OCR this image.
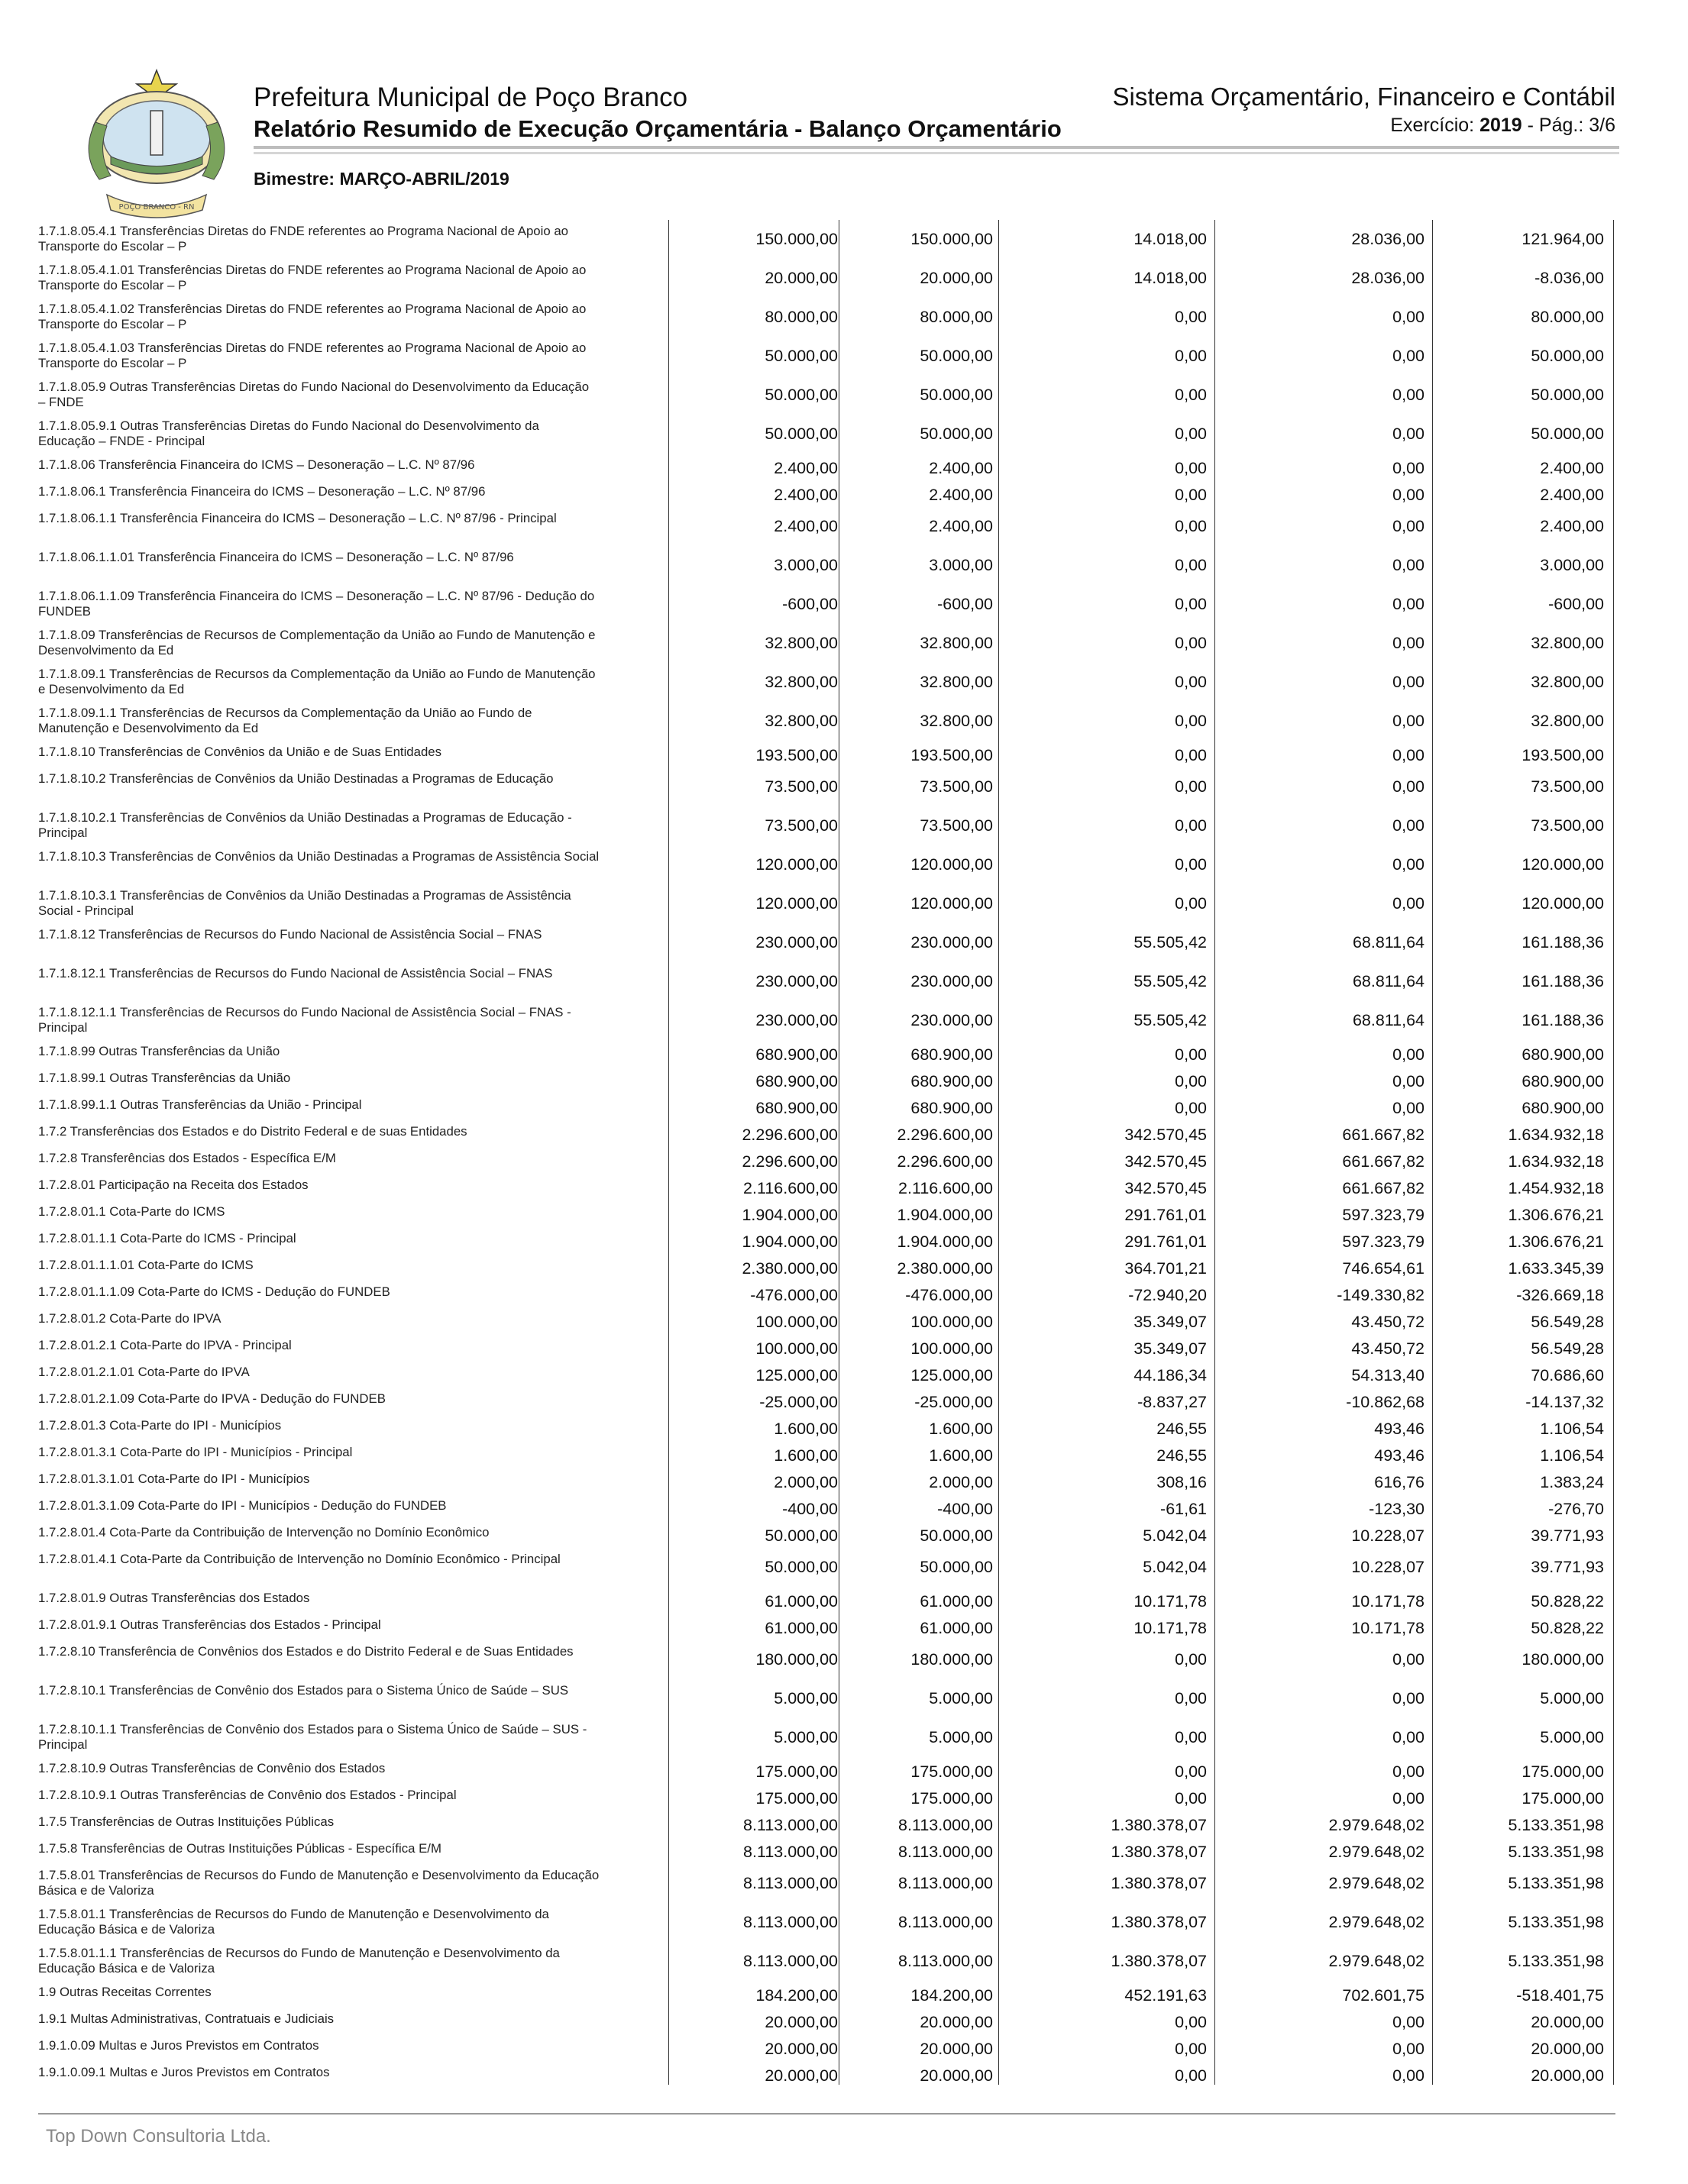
POÇO BRANCO - RN
Prefeitura Municipal de Poço Branco
Relatório Resumido de Execução Orçamentária - Balanço Orçamentário
Sistema Orçamentário, Financeiro e Contábil
Exercício: 2019 - Pág.: 3/6
Bimestre: MARÇO-ABRIL/2019
1.7.1.8.05.4.1 Transferências Diretas do FNDE referentes ao Programa Nacional de Apoio ao Transporte do Escolar – P	150.000,00	150.000,00	14.018,00	28.036,00	121.964,00
1.7.1.8.05.4.1.01 Transferências Diretas do FNDE referentes ao Programa Nacional de Apoio ao Transporte do Escolar – P	20.000,00	20.000,00	14.018,00	28.036,00	-8.036,00
1.7.1.8.05.4.1.02 Transferências Diretas do FNDE referentes ao Programa Nacional de Apoio ao Transporte do Escolar – P	80.000,00	80.000,00	0,00	0,00	80.000,00
1.7.1.8.05.4.1.03 Transferências Diretas do FNDE referentes ao Programa Nacional de Apoio ao Transporte do Escolar – P	50.000,00	50.000,00	0,00	0,00	50.000,00
1.7.1.8.05.9 Outras Transferências Diretas do Fundo Nacional do Desenvolvimento da Educação – FNDE	50.000,00	50.000,00	0,00	0,00	50.000,00
1.7.1.8.05.9.1 Outras Transferências Diretas do Fundo Nacional do Desenvolvimento da Educação – FNDE - Principal	50.000,00	50.000,00	0,00	0,00	50.000,00
1.7.1.8.06 Transferência Financeira do ICMS – Desoneração – L.C. Nº 87/96	2.400,00	2.400,00	0,00	0,00	2.400,00
1.7.1.8.06.1 Transferência Financeira do ICMS – Desoneração – L.C. Nº 87/96	2.400,00	2.400,00	0,00	0,00	2.400,00
1.7.1.8.06.1.1 Transferência Financeira do ICMS – Desoneração – L.C. Nº 87/96 - Principal	2.400,00	2.400,00	0,00	0,00	2.400,00
1.7.1.8.06.1.1.01 Transferência Financeira do ICMS – Desoneração – L.C. Nº 87/96	3.000,00	3.000,00	0,00	0,00	3.000,00
1.7.1.8.06.1.1.09 Transferência Financeira do ICMS – Desoneração – L.C. Nº 87/96 - Dedução do FUNDEB	-600,00	-600,00	0,00	0,00	-600,00
1.7.1.8.09 Transferências de Recursos de Complementação da União ao Fundo de Manutenção e Desenvolvimento da Ed	32.800,00	32.800,00	0,00	0,00	32.800,00
1.7.1.8.09.1 Transferências de Recursos da Complementação da União ao Fundo de Manutenção e Desenvolvimento da Ed	32.800,00	32.800,00	0,00	0,00	32.800,00
1.7.1.8.09.1.1 Transferências de Recursos da Complementação da União ao Fundo de Manutenção e Desenvolvimento da Ed	32.800,00	32.800,00	0,00	0,00	32.800,00
1.7.1.8.10 Transferências de Convênios da União e de Suas Entidades	193.500,00	193.500,00	0,00	0,00	193.500,00
1.7.1.8.10.2 Transferências de Convênios da União Destinadas a Programas de Educação	73.500,00	73.500,00	0,00	0,00	73.500,00
1.7.1.8.10.2.1 Transferências de Convênios da União Destinadas a Programas de Educação - Principal	73.500,00	73.500,00	0,00	0,00	73.500,00
1.7.1.8.10.3 Transferências de Convênios da União Destinadas a Programas de Assistência Social	120.000,00	120.000,00	0,00	0,00	120.000,00
1.7.1.8.10.3.1 Transferências de Convênios da União Destinadas a Programas de Assistência Social - Principal	120.000,00	120.000,00	0,00	0,00	120.000,00
1.7.1.8.12 Transferências de Recursos do Fundo Nacional de Assistência Social – FNAS	230.000,00	230.000,00	55.505,42	68.811,64	161.188,36
1.7.1.8.12.1 Transferências de Recursos do Fundo Nacional de Assistência Social – FNAS	230.000,00	230.000,00	55.505,42	68.811,64	161.188,36
1.7.1.8.12.1.1 Transferências de Recursos do Fundo Nacional de Assistência Social – FNAS - Principal	230.000,00	230.000,00	55.505,42	68.811,64	161.188,36
1.7.1.8.99 Outras Transferências da União	680.900,00	680.900,00	0,00	0,00	680.900,00
1.7.1.8.99.1 Outras Transferências da União	680.900,00	680.900,00	0,00	0,00	680.900,00
1.7.1.8.99.1.1 Outras Transferências da União - Principal	680.900,00	680.900,00	0,00	0,00	680.900,00
1.7.2 Transferências dos Estados e do Distrito Federal e de suas Entidades	2.296.600,00	2.296.600,00	342.570,45	661.667,82	1.634.932,18
1.7.2.8 Transferências dos Estados - Específica E/M	2.296.600,00	2.296.600,00	342.570,45	661.667,82	1.634.932,18
1.7.2.8.01 Participação na Receita dos Estados	2.116.600,00	2.116.600,00	342.570,45	661.667,82	1.454.932,18
1.7.2.8.01.1 Cota-Parte do ICMS	1.904.000,00	1.904.000,00	291.761,01	597.323,79	1.306.676,21
1.7.2.8.01.1.1 Cota-Parte do ICMS - Principal	1.904.000,00	1.904.000,00	291.761,01	597.323,79	1.306.676,21
1.7.2.8.01.1.1.01 Cota-Parte do ICMS	2.380.000,00	2.380.000,00	364.701,21	746.654,61	1.633.345,39
1.7.2.8.01.1.1.09 Cota-Parte do ICMS - Dedução do FUNDEB	-476.000,00	-476.000,00	-72.940,20	-149.330,82	-326.669,18
1.7.2.8.01.2 Cota-Parte do IPVA	100.000,00	100.000,00	35.349,07	43.450,72	56.549,28
1.7.2.8.01.2.1 Cota-Parte do IPVA - Principal	100.000,00	100.000,00	35.349,07	43.450,72	56.549,28
1.7.2.8.01.2.1.01 Cota-Parte do IPVA	125.000,00	125.000,00	44.186,34	54.313,40	70.686,60
1.7.2.8.01.2.1.09 Cota-Parte do IPVA - Dedução do FUNDEB	-25.000,00	-25.000,00	-8.837,27	-10.862,68	-14.137,32
1.7.2.8.01.3 Cota-Parte do IPI - Municípios	1.600,00	1.600,00	246,55	493,46	1.106,54
1.7.2.8.01.3.1 Cota-Parte do IPI - Municípios - Principal	1.600,00	1.600,00	246,55	493,46	1.106,54
1.7.2.8.01.3.1.01 Cota-Parte do IPI - Municípios	2.000,00	2.000,00	308,16	616,76	1.383,24
1.7.2.8.01.3.1.09 Cota-Parte do IPI - Municípios - Dedução do FUNDEB	-400,00	-400,00	-61,61	-123,30	-276,70
1.7.2.8.01.4 Cota-Parte da Contribuição de Intervenção no Domínio Econômico	50.000,00	50.000,00	5.042,04	10.228,07	39.771,93
1.7.2.8.01.4.1 Cota-Parte da Contribuição de Intervenção no Domínio Econômico - Principal	50.000,00	50.000,00	5.042,04	10.228,07	39.771,93
1.7.2.8.01.9 Outras Transferências dos Estados	61.000,00	61.000,00	10.171,78	10.171,78	50.828,22
1.7.2.8.01.9.1 Outras Transferências dos Estados - Principal	61.000,00	61.000,00	10.171,78	10.171,78	50.828,22
1.7.2.8.10 Transferência de Convênios dos Estados e do Distrito Federal e de Suas Entidades	180.000,00	180.000,00	0,00	0,00	180.000,00
1.7.2.8.10.1 Transferências de Convênio dos Estados para o Sistema Único de Saúde – SUS	5.000,00	5.000,00	0,00	0,00	5.000,00
1.7.2.8.10.1.1 Transferências de Convênio dos Estados para o Sistema Único de Saúde – SUS - Principal	5.000,00	5.000,00	0,00	0,00	5.000,00
1.7.2.8.10.9 Outras Transferências de Convênio dos Estados	175.000,00	175.000,00	0,00	0,00	175.000,00
1.7.2.8.10.9.1 Outras Transferências de Convênio dos Estados - Principal	175.000,00	175.000,00	0,00	0,00	175.000,00
1.7.5 Transferências de Outras Instituições Públicas	8.113.000,00	8.113.000,00	1.380.378,07	2.979.648,02	5.133.351,98
1.7.5.8 Transferências de Outras Instituições Públicas - Específica E/M	8.113.000,00	8.113.000,00	1.380.378,07	2.979.648,02	5.133.351,98
1.7.5.8.01 Transferências de Recursos do Fundo de Manutenção e Desenvolvimento da Educação Básica e de Valoriza	8.113.000,00	8.113.000,00	1.380.378,07	2.979.648,02	5.133.351,98
1.7.5.8.01.1 Transferências de Recursos do Fundo de Manutenção e Desenvolvimento da Educação Básica e de Valoriza	8.113.000,00	8.113.000,00	1.380.378,07	2.979.648,02	5.133.351,98
1.7.5.8.01.1.1 Transferências de Recursos do Fundo de Manutenção e Desenvolvimento da Educação Básica e de Valoriza	8.113.000,00	8.113.000,00	1.380.378,07	2.979.648,02	5.133.351,98
1.9 Outras Receitas Correntes	184.200,00	184.200,00	452.191,63	702.601,75	-518.401,75
1.9.1 Multas Administrativas, Contratuais e Judiciais	20.000,00	20.000,00	0,00	0,00	20.000,00
1.9.1.0.09 Multas e Juros Previstos em Contratos	20.000,00	20.000,00	0,00	0,00	20.000,00
1.9.1.0.09.1 Multas e Juros Previstos em Contratos	20.000,00	20.000,00	0,00	0,00	20.000,00
Top Down Consultoria Ltda.
